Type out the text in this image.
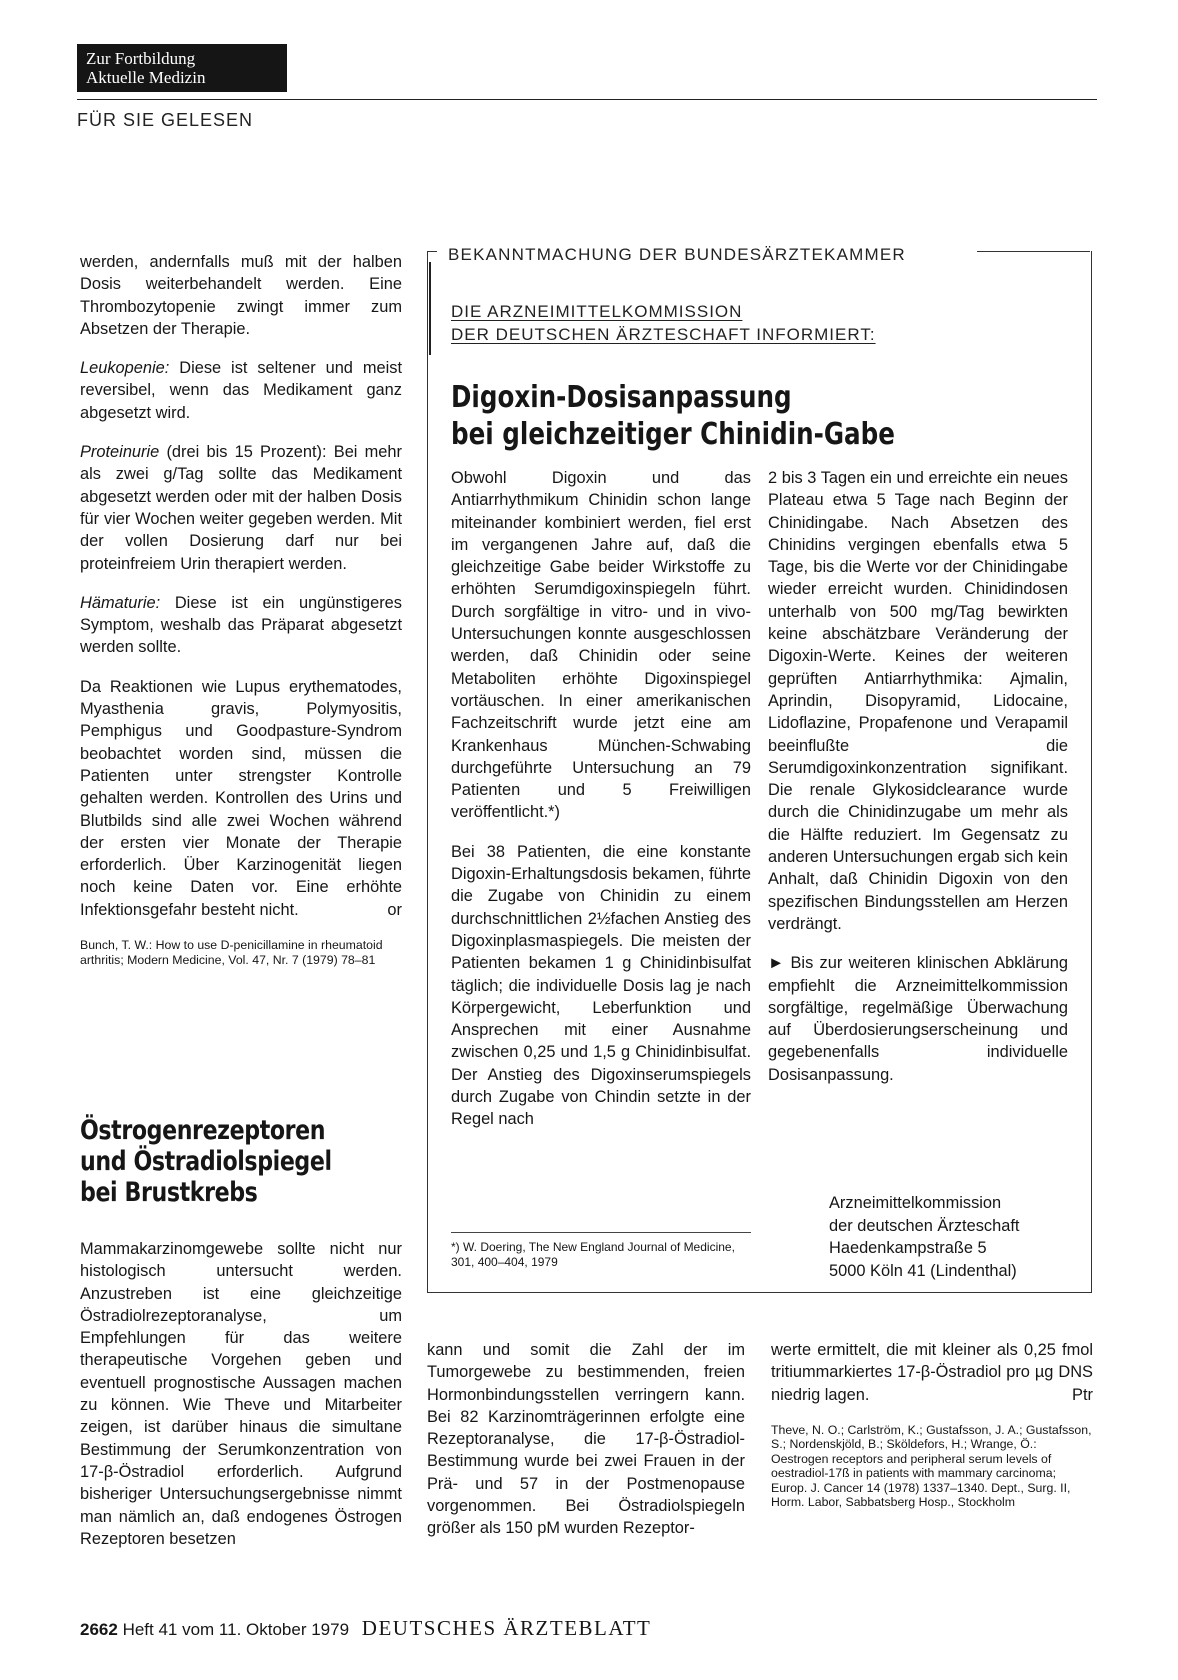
Zur Fortbildung
Aktuelle Medizin
FÜR SIE GELESEN

werden, andernfalls muß mit der halben Dosis weiterbehandelt werden. Eine Thrombozytopenie zwingt immer zum Absetzen der Therapie.

Leukopenie: Diese ist seltener und meist reversibel, wenn das Medikament ganz abgesetzt wird.

Proteinurie (drei bis 15 Prozent): Bei mehr als zwei g/Tag sollte das Medikament abgesetzt werden oder mit der halben Dosis für vier Wochen weiter gegeben werden. Mit der vollen Dosierung darf nur bei proteinfreiem Urin therapiert werden.

Hämaturie: Diese ist ein ungünstigeres Symptom, weshalb das Präparat abgesetzt werden sollte.

Da Reaktionen wie Lupus erythematodes, Myasthenia gravis, Polymyositis, Pemphigus und Goodpasture-Syndrom beobachtet worden sind, müssen die Patienten unter strengster Kontrolle gehalten werden. Kontrollen des Urins und Blutbilds sind alle zwei Wochen während der ersten vier Monate der Therapie erforderlich. Über Karzinogenität liegen noch keine Daten vor. Eine erhöhte Infektionsgefahr besteht nicht.	or

Bunch, T. W.: How to use D-penicillamine in rheumatoid arthritis; Modern Medicine, Vol. 47, Nr. 7 (1979) 78–81

Östrogenrezeptoren
und Östradiolspiegel
bei Brustkrebs

Mammakarzinomgewebe sollte nicht nur histologisch untersucht werden. Anzustreben ist eine gleichzeitige Östradiolrezeptoranalyse, um Empfehlungen für das weitere therapeutische Vorgehen geben und eventuell prognostische Aussagen machen zu können. Wie Theve und Mitarbeiter zeigen, ist darüber hinaus die simultane Bestimmung der Serumkonzentration von 17-β-Östradiol erforderlich. Aufgrund bisheriger Untersuchungsergebnisse nimmt man nämlich an, daß endogenes Östrogen Rezeptoren besetzen

BEKANNTMACHUNG DER BUNDESÄRZTEKAMMER
DIE ARZNEIMITTELKOMMISSION
DER DEUTSCHEN ÄRZTESCHAFT INFORMIERT:
Digoxin-Dosisanpassung
bei gleichzeitiger Chinidin-Gabe

Obwohl Digoxin und das Antiarrhythmikum Chinidin schon lange miteinander kombiniert werden, fiel erst im vergangenen Jahre auf, daß die gleichzeitige Gabe beider Wirkstoffe zu erhöhten Serumdigoxinspiegeln führt. Durch sorgfältige in vitro- und in vivo-Untersuchungen konnte ausgeschlossen werden, daß Chinidin oder seine Metaboliten erhöhte Digoxinspiegel vortäuschen. In einer amerikanischen Fachzeitschrift wurde jetzt eine am Krankenhaus München-Schwabing durchgeführte Untersuchung an 79 Patienten und 5 Freiwilligen veröffentlicht.*)

Bei 38 Patienten, die eine konstante Digoxin-Erhaltungsdosis bekamen, führte die Zugabe von Chinidin zu einem durchschnittlichen 2½fachen Anstieg des Digoxinplasmaspiegels. Die meisten der Patienten bekamen 1 g Chinidinbisulfat täglich; die individuelle Dosis lag je nach Körpergewicht, Leberfunktion und Ansprechen mit einer Ausnahme zwischen 0,25 und 1,5 g Chinidinbisulfat. Der Anstieg des Digoxinserumspiegels durch Zugabe von Chindin setzte in der Regel nach

2 bis 3 Tagen ein und erreichte ein neues Plateau etwa 5 Tage nach Beginn der Chinidingabe. Nach Absetzen des Chinidins vergingen ebenfalls etwa 5 Tage, bis die Werte vor der Chinidingabe wieder erreicht wurden. Chinidindosen unterhalb von 500 mg/Tag bewirkten keine abschätzbare Veränderung der Digoxin-Werte. Keines der weiteren geprüften Antiarrhythmika: Ajmalin, Aprindin, Disopyramid, Lidocaine, Lidoflazine, Propafenone und Verapamil beeinflußte die Serumdigoxinkonzentration signifikant. Die renale Glykosidclearance wurde durch die Chinidinzugabe um mehr als die Hälfte reduziert. Im Gegensatz zu anderen Untersuchungen ergab sich kein Anhalt, daß Chinidin Digoxin von den spezifischen Bindungsstellen am Herzen verdrängt.

► Bis zur weiteren klinischen Abklärung empfiehlt die Arzneimittelkommission sorgfältige, regelmäßige Überwachung auf Überdosierungserscheinung und gegebenenfalls individuelle Dosisanpassung.

*) W. Doering, The New England Journal of Medicine, 301, 400–404, 1979
Arzneimittelkommission
der deutschen Ärzteschaft
Haedenkampstraße 5
5000 Köln 41 (Lindenthal)

kann und somit die Zahl der im Tumorgewebe zu bestimmenden, freien Hormonbindungsstellen verringern kann. Bei 82 Karzinomträgerinnen erfolgte eine Rezeptoranalyse, die 17-β-Östradiol-Bestimmung wurde bei zwei Frauen in der Prä- und 57 in der Postmenopause vorgenommen. Bei Östradiolspiegeln größer als 150 pM wurden Rezeptor-

werte ermittelt, die mit kleiner als 0,25 fmol tritiummarkiertes 17-β-Östradiol pro µg DNS niedrig lagen.	Ptr

Theve, N. O.; Carlström, K.; Gustafsson, J. A.; Gustafsson, S.; Nordenskjöld, B.; Sköldefors, H.; Wrange, Ö.: Oestrogen receptors and peripheral serum levels of oestradiol-17ß in patients with mammary carcinoma; Europ. J. Cancer 14 (1978) 1337–1340. Dept., Surg. II, Horm. Labor, Sabbatsberg Hosp., Stockholm

2662 Heft 41 vom 11. Oktober 1979 DEUTSCHES ÄRZTEBLATT
